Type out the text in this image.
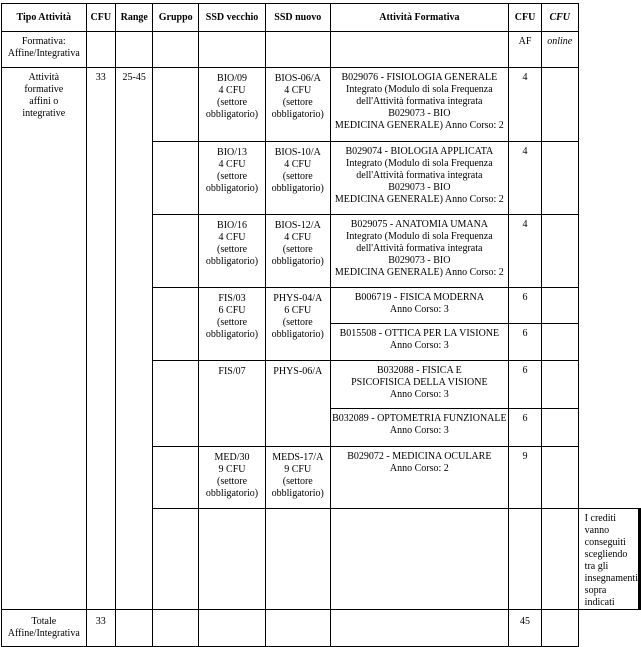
Tipo Attività	CFU	Range	Gruppo	SSD vecchio	SSD nuovo	Attività Formativa	CFU	CFU		

Formativa:
Affine/Integrativa							AF	online		

Attività
formative
affini o
integrative	33	25-45		BIO/09
4 CFU
(settore
obbligatorio)	BIOS-06/A
4 CFU
(settore
obbligatorio)	B029076 - FISIOLOGIA GENERALE
Integrato (Modulo di sola Frequenza
dell'Attività formativa integrata
B029073 - BIO
MEDICINA GENERALE) Anno Corso: 2	4			

				BIO/13
4 CFU
(settore
obbligatorio)	BIOS-10/A
4 CFU
(settore
obbligatorio)	B029074 - BIOLOGIA APPLICATA
Integrato (Modulo di sola Frequenza
dell'Attività formativa integrata
B029073 - BIO
MEDICINA GENERALE) Anno Corso: 2	4			

				BIO/16
4 CFU
(settore
obbligatorio)	BIOS-12/A
4 CFU
(settore
obbligatorio)	B029075 - ANATOMIA UMANA
Integrato (Modulo di sola Frequenza
dell'Attività formativa integrata
B029073 - BIO
MEDICINA GENERALE) Anno Corso: 2	4			

				FIS/03
6 CFU
(settore
obbligatorio)	PHYS-04/A
6 CFU
(settore
obbligatorio)	B006719 - FISICA MODERNA
Anno Corso: 3	6			

						B015508 - OTTICA PER LA VISIONE
Anno Corso: 3	6			

				FIS/07	PHYS-06/A	B032088 - FISICA E
PSICOFISICA DELLA VISIONE
Anno Corso: 3	6			

						B032089 - OPTOMETRIA FUNZIONALE
Anno Corso: 3	6			

				MED/30
9 CFU
(settore
obbligatorio)	MEDS-17/A
9 CFU
(settore
obbligatorio)	B029072 - MEDICINA OCULARE
Anno Corso: 2	9			

									I crediti vanno conseguiti scegliendo tra gli insegnamenti sopra
indicati	

Totale
Affine/Integrativa	33						45			
